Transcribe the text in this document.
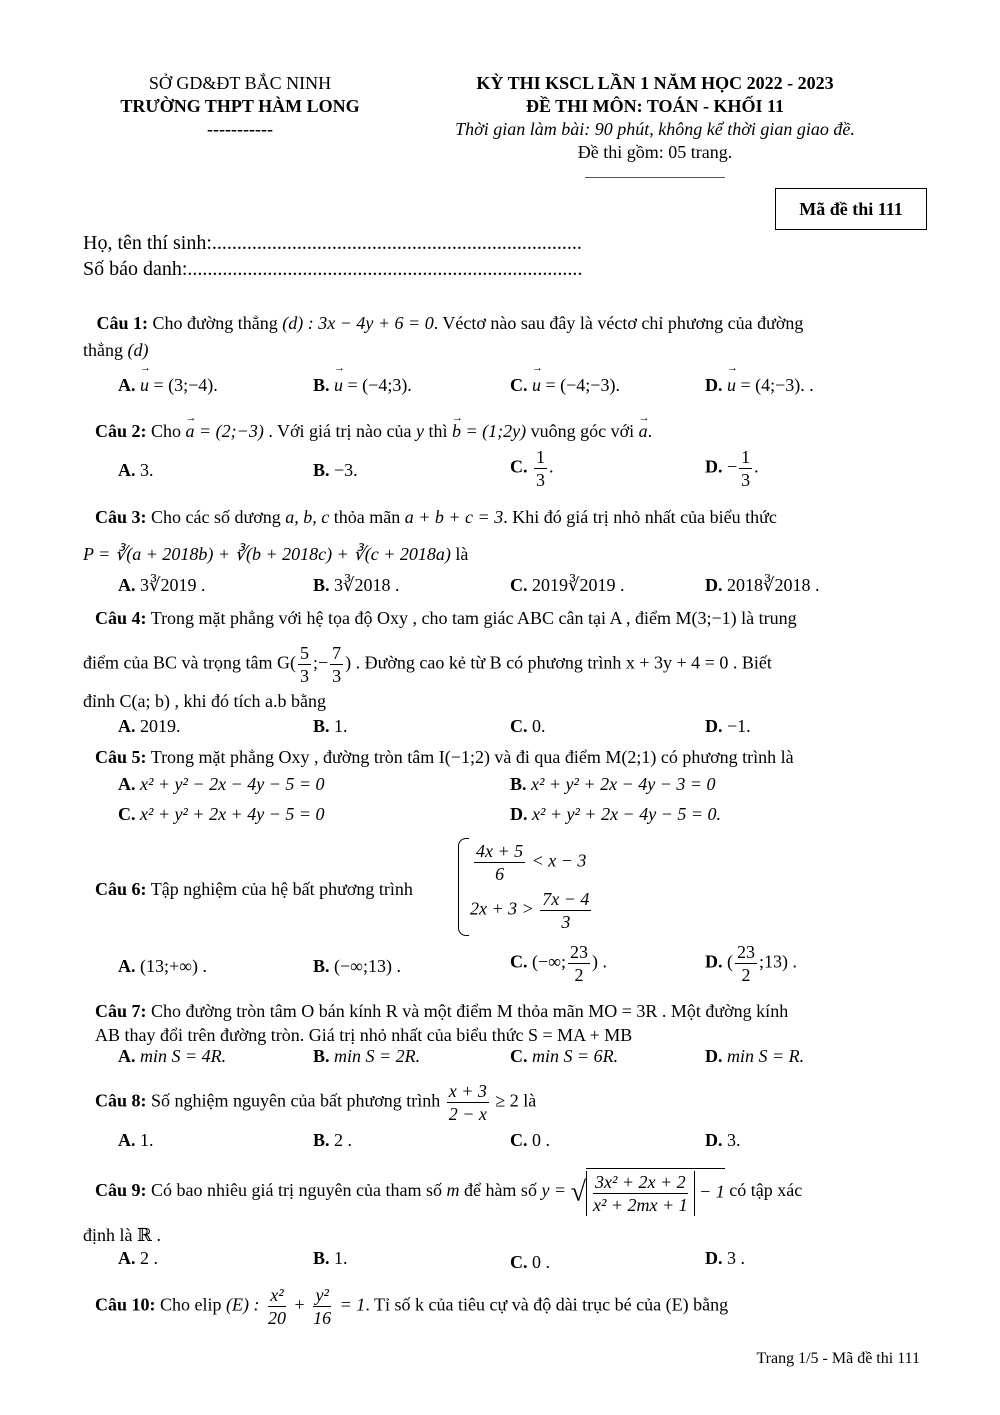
SỞ GD&ĐT BẮC NINH
TRƯỜNG THPT HÀM LONG
-----------
KỲ THI KSCL LẦN 1 NĂM HỌC 2022 - 2023
ĐỀ THI MÔN: TOÁN - KHỐI 11
Thời gian làm bài: 90 phút, không kể thời gian giao đề.
Đề thi gồm: 05 trang.
Mã đề thi 111
Họ, tên thí sinh:..........................................................................
Số báo danh:...............................................................................
Câu 1: Cho đường thẳng (d) : 3x − 4y + 6 = 0. Véctơ nào sau đây là véctơ chỉ phương của đường
thẳng (d)
A. → u = (3;−4).	B. → u = (−4;3).	C. → u = (−4;−3).	D. → u = (4;−3). .
Câu 2: Cho → a = (2;−3) . Với giá trị nào của y thì → b = (1;2y) vuông góc với → a.
A. 3.	B. −3.	C. $\frac{1}{3}$ .	D. − $\frac{1}{3}$ .
Câu 3: Cho các số dương a, b, c thỏa mãn a + b + c = 3. Khi đó giá trị nhỏ nhất của biểu thức
P = ∛(a + 2018b) + ∛(b + 2018c) + ∛(c + 2018a) là
A. 3∛2019 .	B. 3∛2018 .	C. 2019∛2019 .	D. 2018∛2018 .
Câu 4: Trong mặt phẳng với hệ tọa độ Oxy , cho tam giác ABC cân tại A , điểm M(3;−1) là trung
điểm của BC và trọng tâm $G( \frac{5}{3}$ ;− $\frac{7}{3}$ ) . Đường cao kẻ từ B có phương trình x + 3y + 4 = 0 . Biết
đỉnh C(a; b) , khi đó tích a.b bằng
A. 2019.	B. 1.	C. 0.	D. −1.
Câu 5: Trong mặt phẳng Oxy , đường tròn tâm I(−1;2) và đi qua điểm M(2;1) có phương trình là
A. x² + y² − 2x − 4y − 5 = 0	B. x² + y² + 2x − 4y − 3 = 0
C. x² + y² + 2x + 4y − 5 = 0	D. x² + y² + 2x − 4y − 5 = 0.
Câu 6: Tập nghiệm của hệ bất phương trình
$\frac{4x + 5}{6} < x - 3$
$2x + 3 > \frac{7x - 4}{3}$
A. (13;+∞) .	B. (−∞;13) .	C. (−∞; $\frac{23}{2}$ ) .	D. ( $\frac{23}{2}$ ;13) .
Câu 7: Cho đường tròn tâm O bán kính R và một điểm M thỏa mãn MO = 3R . Một đường kính
AB thay đổi trên đường tròn. Giá trị nhỏ nhất của biểu thức S = MA + MB
A. min S = 4R.	B. min S = 2R.	C. min S = 6R.	D. min S = R.
Câu 8: Số nghiệm nguyên của bất phương trình $\frac{x + 3}{2 - x} \ge 2$ là
A. 1.	B. 2 .	C. 0 .	D. 3.
Câu 9: Có bao nhiêu giá trị nguyên của tham số m để hàm số y = √ $\frac{\text{3x² + 2x + 2}}{\text{x² + 2mx + 1}} - 1$ có tập xác
định là ℝ .
A. 2 .	B. 1.	C. 0 .	D. 3 .
Câu 10: Cho elip (E) : $\frac{\text{x²}}{20} + \frac{\text{y²}}{16} = 1$. Tỉ số k của tiêu cự và độ dài trục bé của (E) bằng
Trang 1/5 - Mã đề thi 111
